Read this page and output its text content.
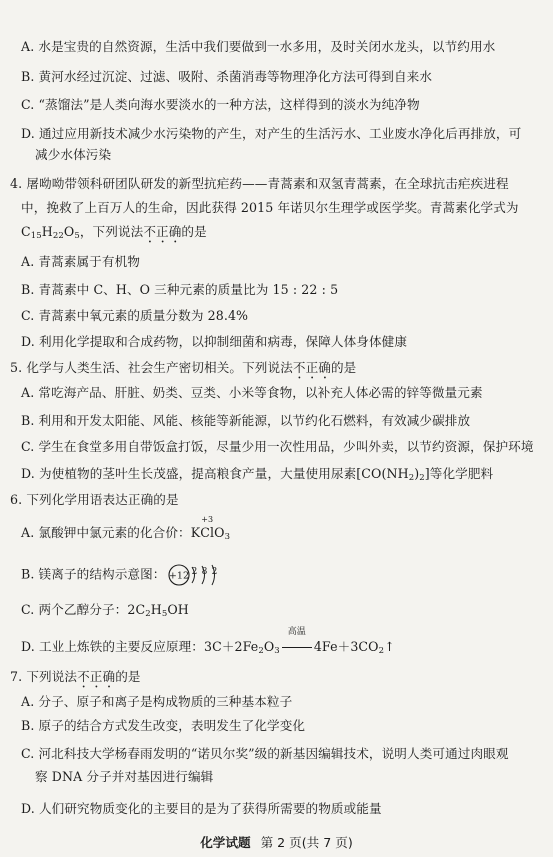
A. 水是宝贵的自然资源，生活中我们要做到一水多用，及时关闭水龙头，以节约用水
B. 黄河水经过沉淀、过滤、吸附、杀菌消毒等物理净化方法可得到自来水
C. “蒸馏法”是人类向海水要淡水的一种方法，这样得到的淡水为纯净物
D. 通过应用新技术减少水污染物的产生，对产生的生活污水、工业废水净化后再排放，可
减少水体污染
4. 屠呦呦带领科研团队研发的新型抗疟药——青蒿素和双氢青蒿素，在全球抗击疟疾进程
中，挽救了上百万人的生命，因此获得 2015 年诺贝尔生理学或医学奖。青蒿素化学式为
$C_{15}H_{22}O_5$，下列说法不正确的是
A. 青蒿素属于有机物
B. 青蒿素中 C、H、O 三种元素的质量比为 15 : 22 : 5
C. 青蒿素中氧元素的质量分数为 28.4%
D. 利用化学提取和合成药物，以抑制细菌和病毒，保障人体身体健康
5. 化学与人类生活、社会生产密切相关。下列说法不正确的是
A. 常吃海产品、肝脏、奶类、豆类、小米等食物，以补充人体必需的锌等微量元素
B. 利用和开发太阳能、风能、核能等新能源，以节约化石燃料，有效减少碳排放
C. 学生在食堂多用自带饭盒打饭，尽量少用一次性用品，少叫外卖，以节约资源，保护环境
D. 为使植物的茎叶生长茂盛，提高粮食产量，大量使用尿素$[CO(NH_2)_2]$等化学肥料
6. 下列化学用语表达正确的是
A. 氯酸钾中氯元素的化合价：K
+3
ClO$_3$
B. 镁离子的结构示意图： +12 2 8 2
C. 两个乙醇分子：$2C_2H_5OH$
D. 工业上炼铁的主要反应原理：$3C+2Fe_2O_3$
高温
$4Fe+3CO_2↑$
7. 下列说法不正确的是
A. 分子、原子和离子是构成物质的三种基本粒子
B. 原子的结合方式发生改变，表明发生了化学变化
C. 河北科技大学杨春雨发明的“诺贝尔奖”级的新基因编辑技术，说明人类可通过肉眼观
察 DNA 分子并对基因进行编辑
D. 人们研究物质变化的主要目的是为了获得所需要的物质或能量
化学试题 第 2 页(共 7 页)
